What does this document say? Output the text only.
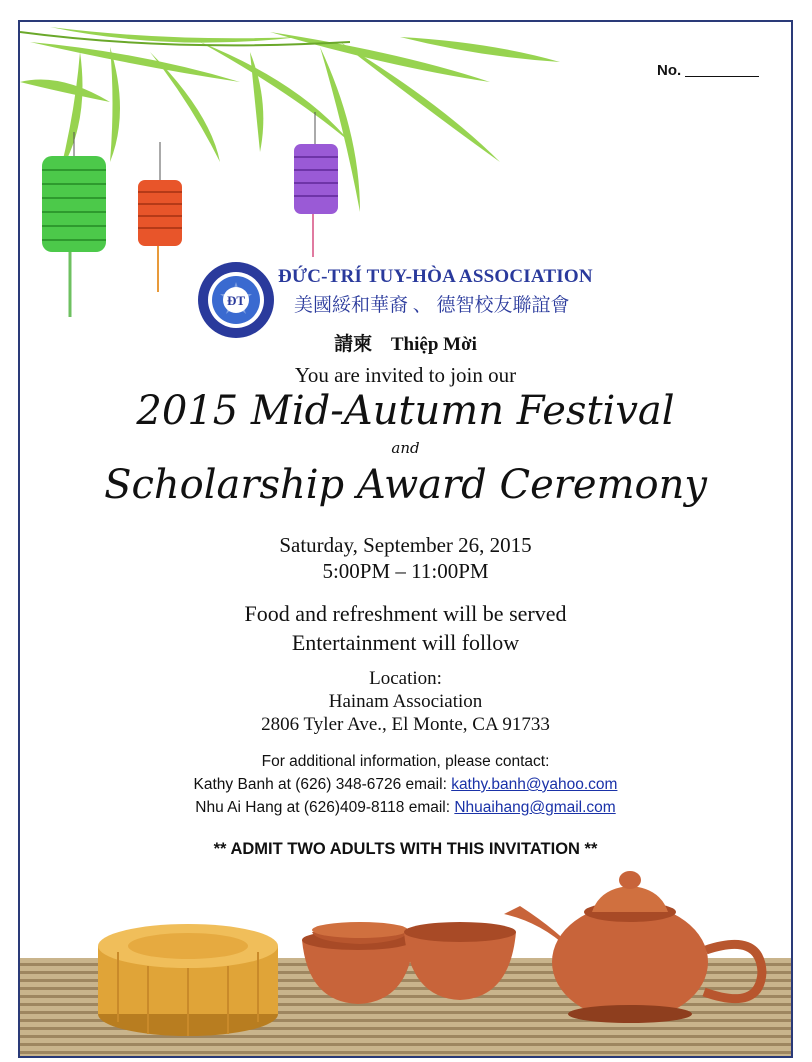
No.
ĐT
ĐỨC-TRÍ TUY-HÒA ASSOCIATION
美國綏和華裔 、 德智校友聯誼會
請柬 Thiệp Mời
You are invited to join our
2015 Mid-Autumn Festival
and
Scholarship Award Ceremony
Saturday, September 26, 2015
5:00PM – 11:00PM
Food and refreshment will be served
Entertainment will follow
Location:
Hainam Association
2806 Tyler Ave., El Monte, CA 91733
For additional information, please contact:
Kathy Banh at (626) 348-6726 email: kathy.banh@yahoo.com
Nhu Ai Hang at (626)409-8118 email: Nhuaihang@gmail.com
** ADMIT TWO ADULTS WITH THIS INVITATION **
